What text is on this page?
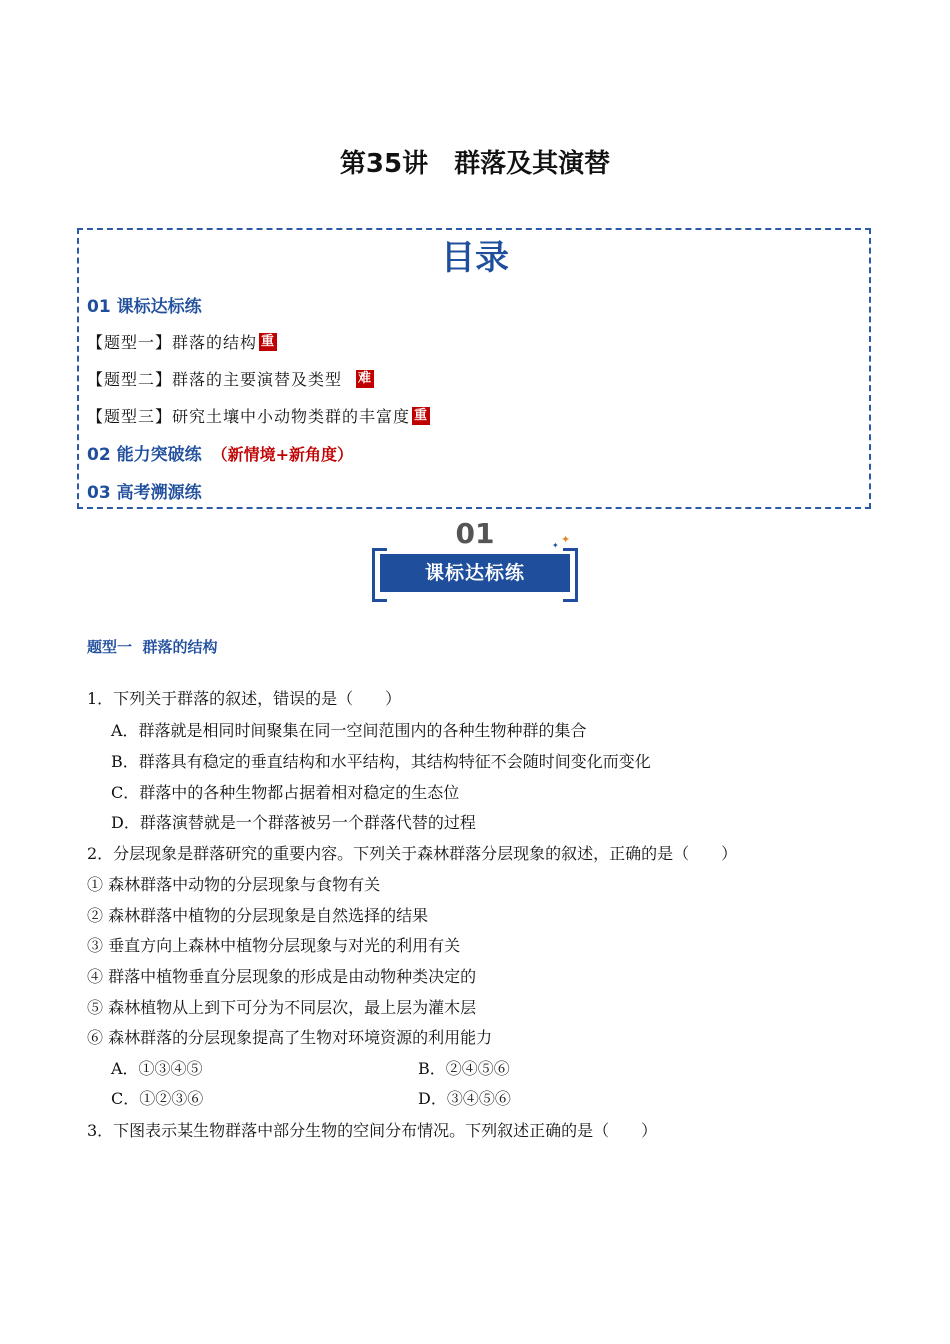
第35讲　群落及其演替
目录
01 课标达标练
【题型一】群落的结构 重
【题型二】群落的主要演替及类型 难
【题型三】研究土壤中小动物类群的丰富度 重
02 能力突破练 （新情境+新角度）
03 高考溯源练
01
课标达标练
✦
✦
题型一  群落的结构
1．下列关于群落的叙述，错误的是（　　）
A．群落就是相同时间聚集在同一空间范围内的各种生物种群的集合
B．群落具有稳定的垂直结构和水平结构，其结构特征不会随时间变化而变化
C．群落中的各种生物都占据着相对稳定的生态位
D．群落演替就是一个群落被另一个群落代替的过程
2．分层现象是群落研究的重要内容。下列关于森林群落分层现象的叙述，正确的是（　　）
① 森林群落中动物的分层现象与食物有关
② 森林群落中植物的分层现象是自然选择的结果
③ 垂直方向上森林中植物分层现象与对光的利用有关
④ 群落中植物垂直分层现象的形成是由动物种类决定的
⑤ 森林植物从上到下可分为不同层次，最上层为灌木层
⑥ 森林群落的分层现象提高了生物对环境资源的利用能力
A．①③④⑤	B．②④⑤⑥
C．①②③⑥	D．③④⑤⑥
3．下图表示某生物群落中部分生物的空间分布情况。下列叙述正确的是（　　）
